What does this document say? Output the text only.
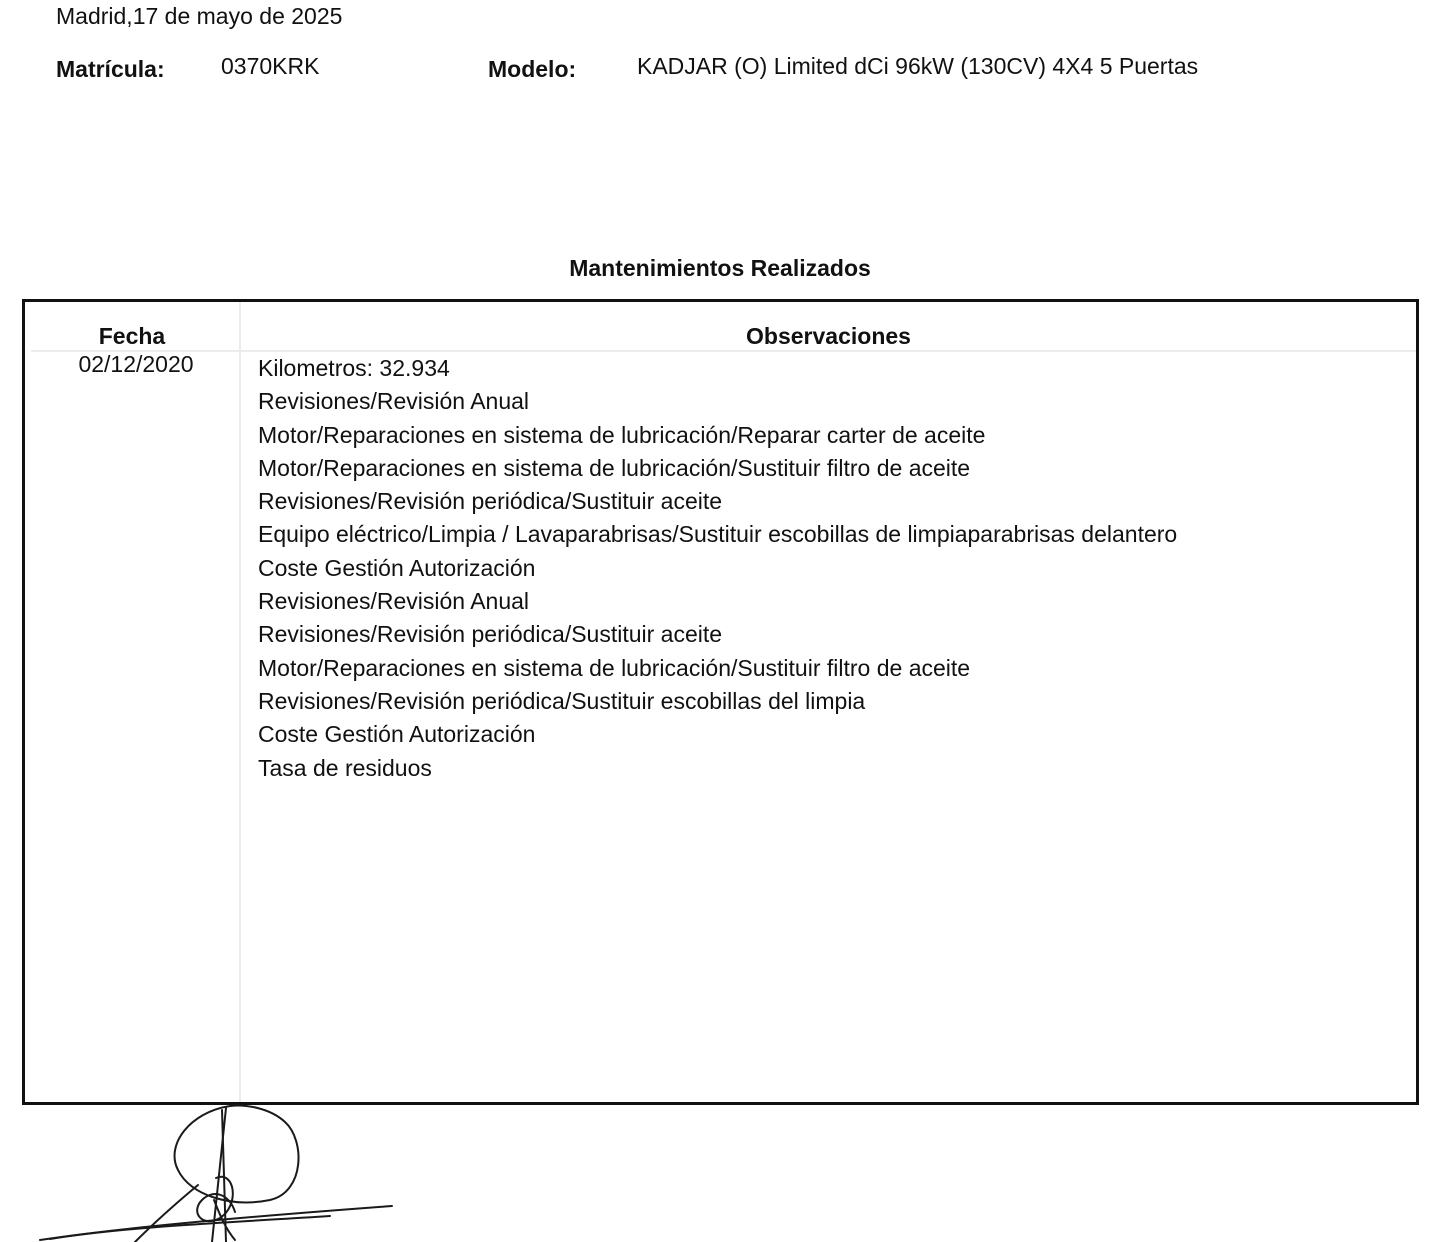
Madrid,17 de mayo de 2025
Matrícula: 0370KRK	Modelo:	KADJAR (O) Limited dCi 96kW (130CV) 4X4 5 Puertas
Mantenimientos Realizados
Fecha	Observaciones
02/12/2020	Kilometros: 32.934
Revisiones/Revisión Anual
Motor/Reparaciones en sistema de lubricación/Reparar carter de aceite
Motor/Reparaciones en sistema de lubricación/Sustituir filtro de aceite
Revisiones/Revisión periódica/Sustituir aceite
Equipo eléctrico/Limpia / Lavaparabrisas/Sustituir escobillas de limpiaparabrisas delantero
Coste Gestión Autorización
Revisiones/Revisión Anual
Revisiones/Revisión periódica/Sustituir aceite
Motor/Reparaciones en sistema de lubricación/Sustituir filtro de aceite
Revisiones/Revisión periódica/Sustituir escobillas del limpia
Coste Gestión Autorización
Tasa de residuos
